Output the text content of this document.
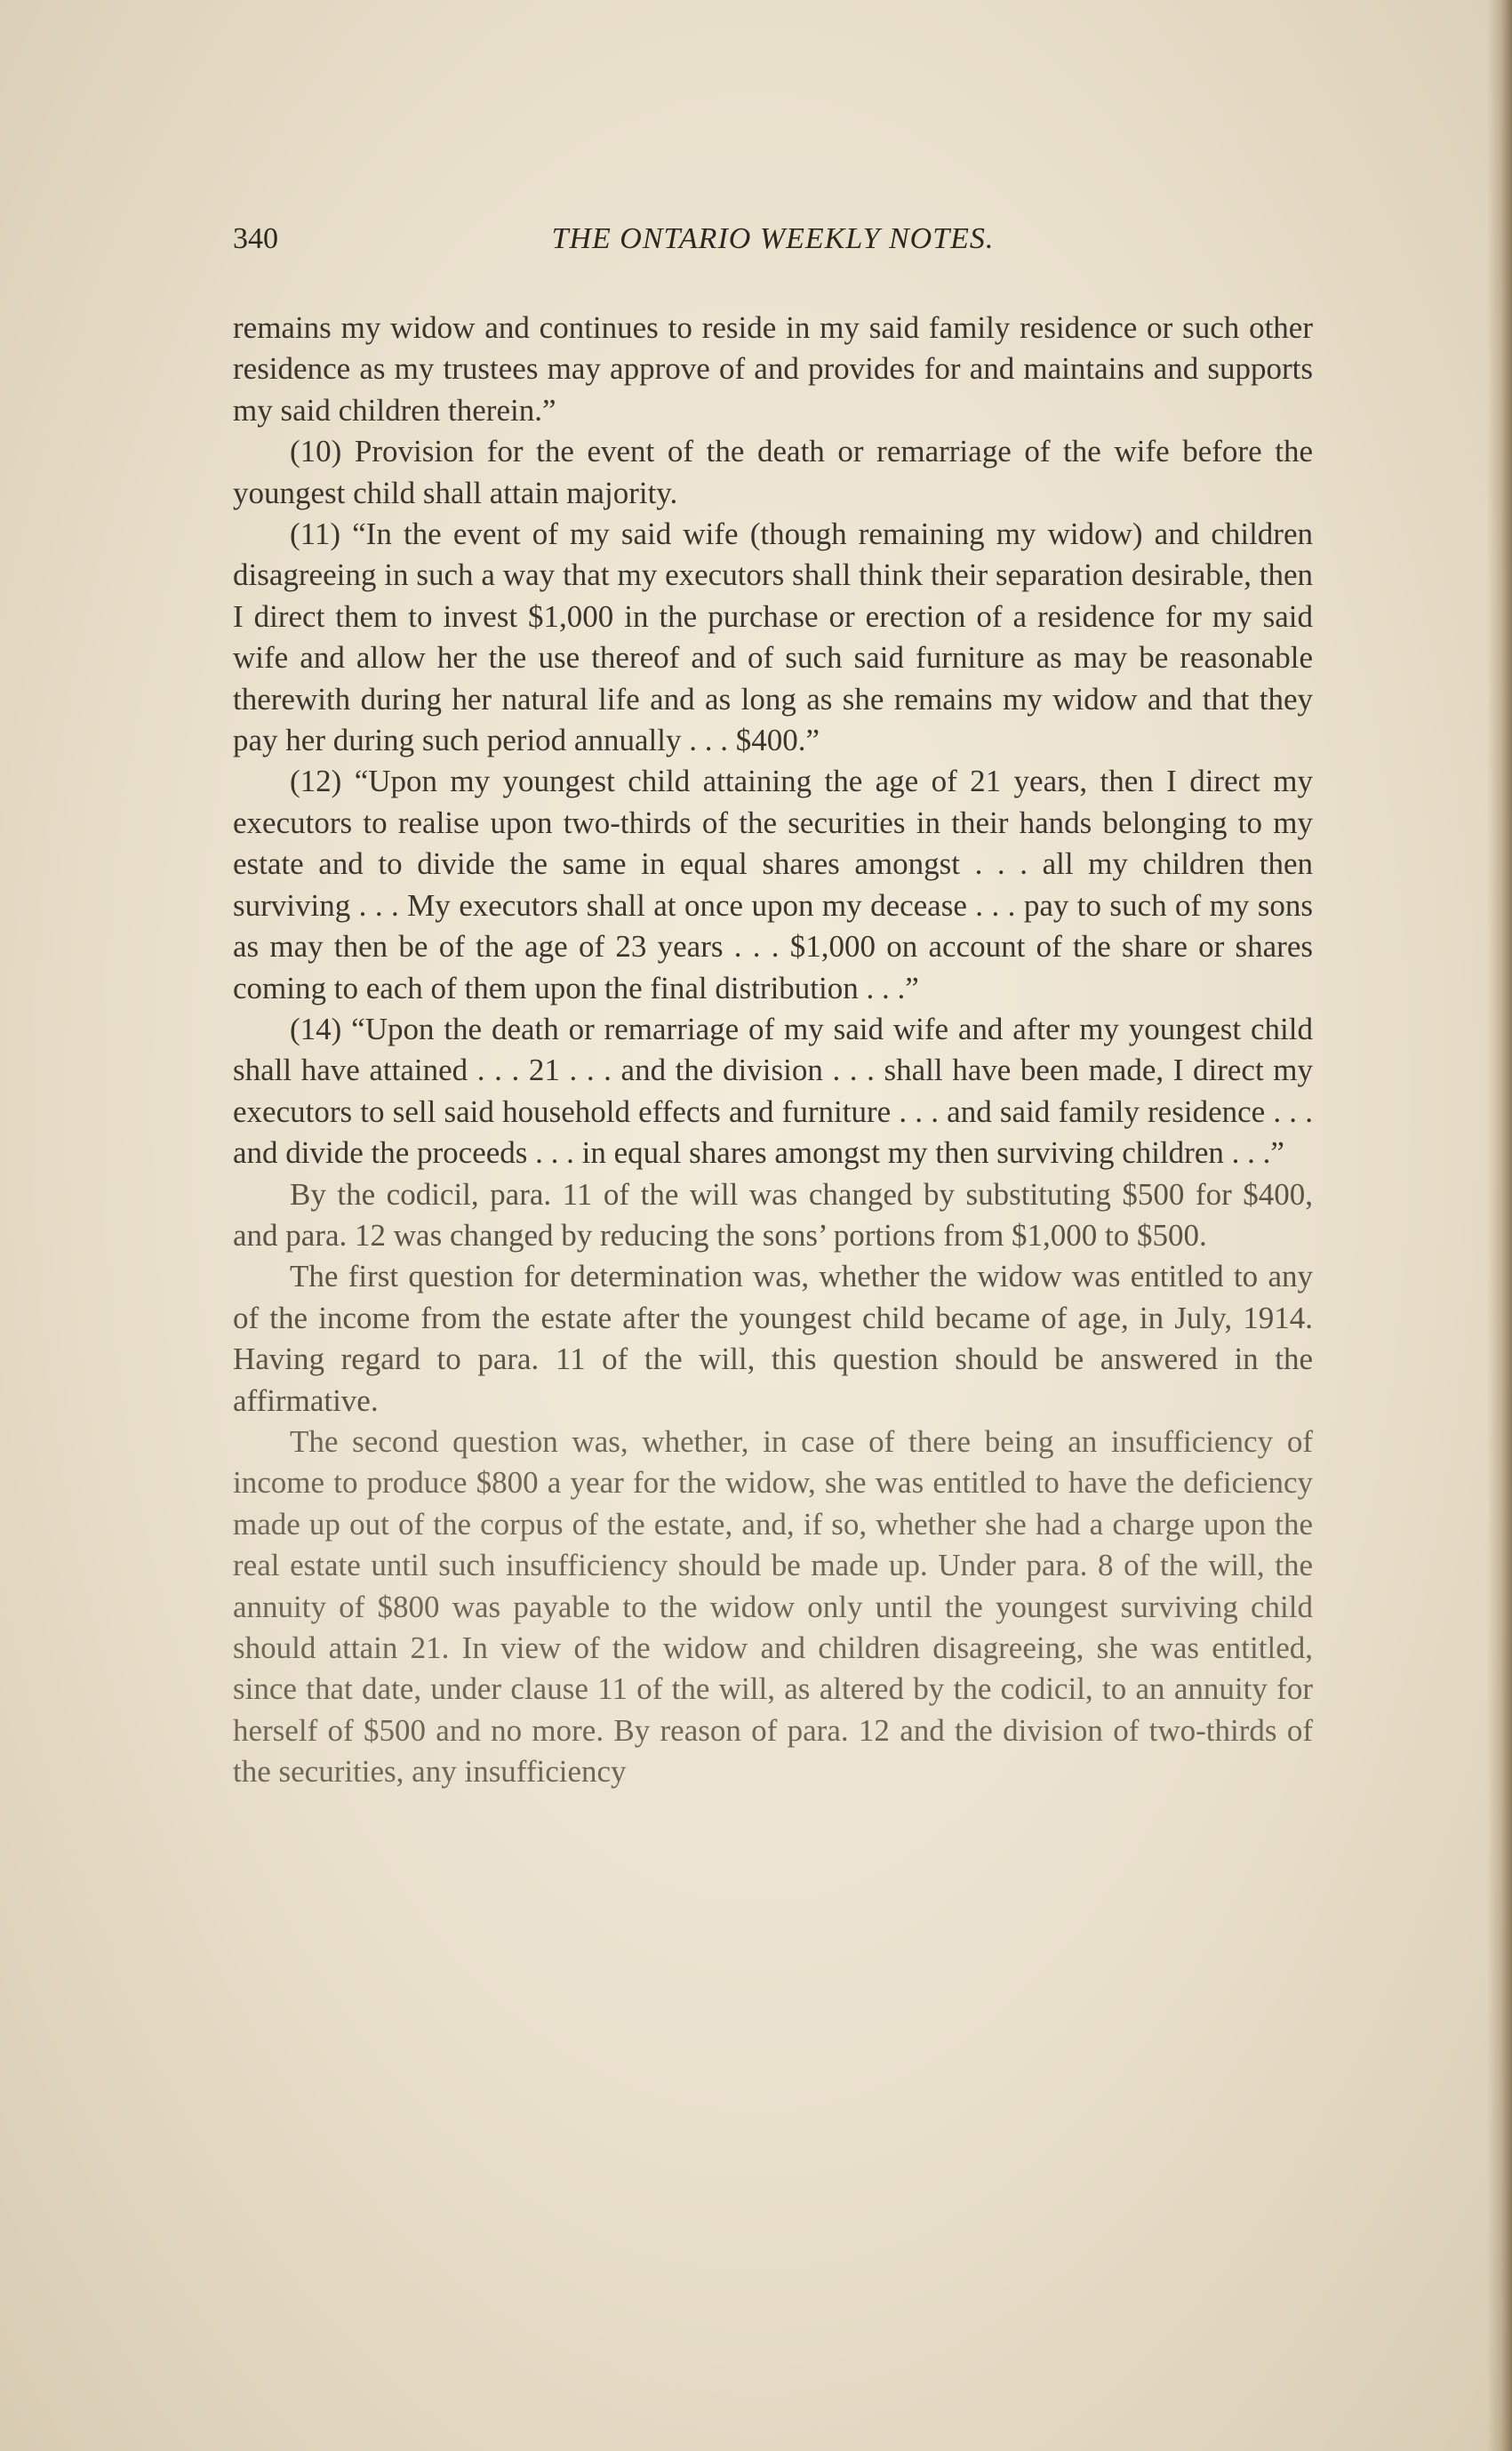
340	THE ONTARIO WEEKLY NOTES.

remains my widow and continues to reside in my said family residence or such other residence as my trustees may approve of and provides for and maintains and supports my said children therein.”

(10) Provision for the event of the death or remarriage of the wife before the youngest child shall attain majority.

(11) “In the event of my said wife (though remaining my widow) and children disagreeing in such a way that my executors shall think their separation desirable, then I direct them to invest $1,000 in the purchase or erection of a residence for my said wife and allow her the use thereof and of such said furniture as may be reasonable therewith during her natural life and as long as she remains my widow and that they pay her during such period annually . . . $400.”

(12) “Upon my youngest child attaining the age of 21 years, then I direct my executors to realise upon two-thirds of the securities in their hands belonging to my estate and to divide the same in equal shares amongst . . . all my children then surviving . . . My executors shall at once upon my decease . . . pay to such of my sons as may then be of the age of 23 years . . . $1,000 on account of the share or shares coming to each of them upon the final distribution . . .”

(14) “Upon the death or remarriage of my said wife and after my youngest child shall have attained . . . 21 . . . and the division . . . shall have been made, I direct my executors to sell said household effects and furniture . . . and said family residence . . . and divide the proceeds . . . in equal shares amongst my then surviving children . . .”

By the codicil, para. 11 of the will was changed by substituting $500 for $400, and para. 12 was changed by reducing the sons’ portions from $1,000 to $500.

The first question for determination was, whether the widow was entitled to any of the income from the estate after the youngest child became of age, in July, 1914. Having regard to para. 11 of the will, this question should be answered in the affirmative.

The second question was, whether, in case of there being an insufficiency of income to produce $800 a year for the widow, she was entitled to have the deficiency made up out of the corpus of the estate, and, if so, whether she had a charge upon the real estate until such insufficiency should be made up. Under para. 8 of the will, the annuity of $800 was payable to the widow only until the youngest surviving child should attain 21. In view of the widow and children disagreeing, she was entitled, since that date, under clause 11 of the will, as altered by the codicil, to an annuity for herself of $500 and no more. By reason of para. 12 and the division of two-thirds of the securities, any insufficiency
